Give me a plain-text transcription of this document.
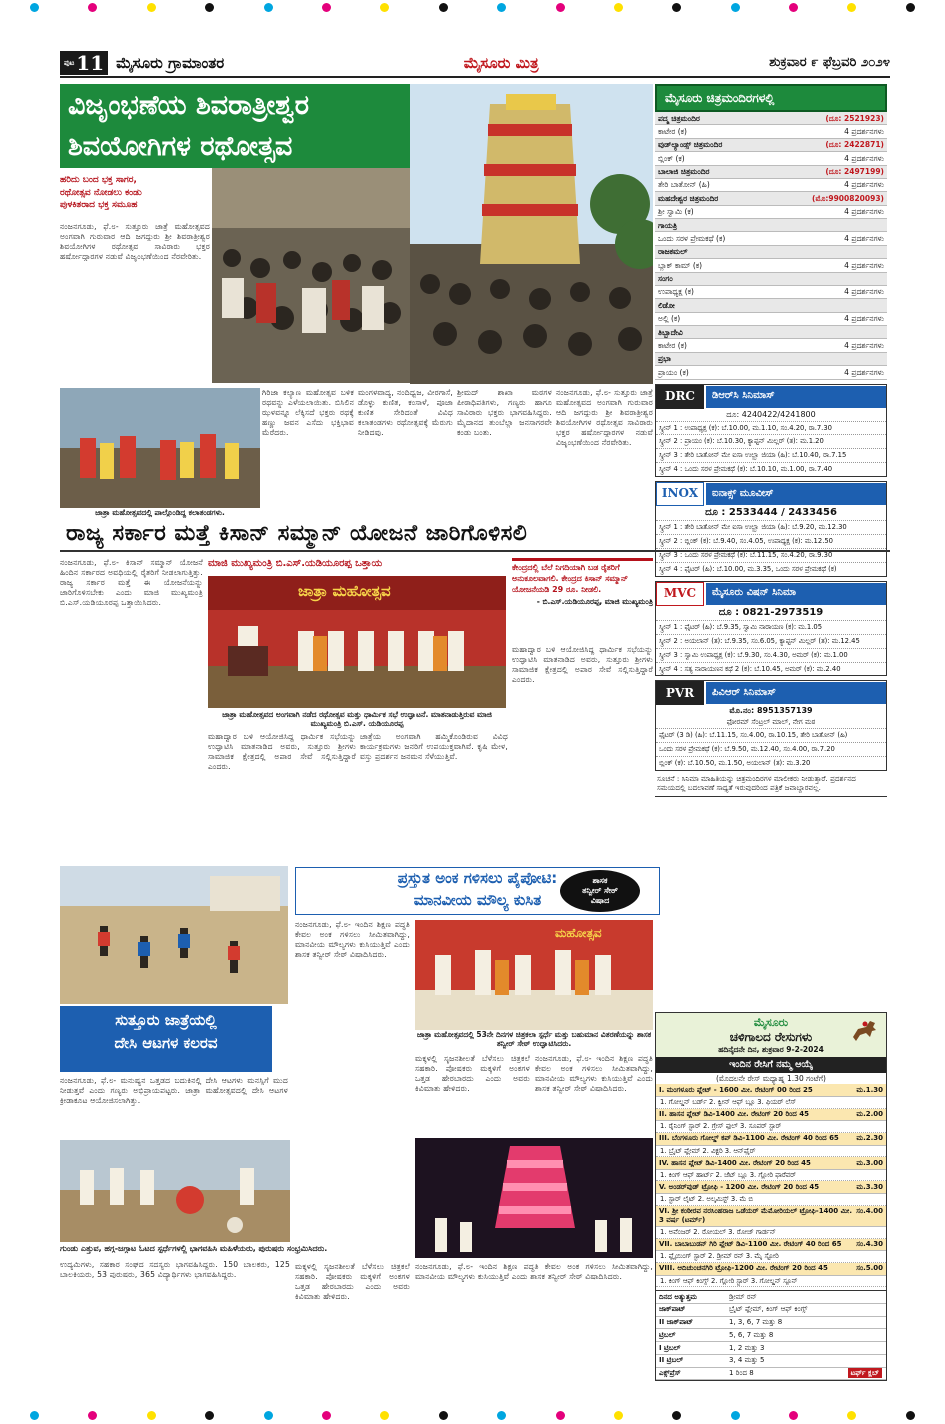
ಪುಟ 11 ಮೈಸೂರು ಗ್ರಾಮಾಂತರ	ಮೈಸೂರು ಮಿತ್ರ	ಶುಕ್ರವಾರ ೯ ಫೆಬ್ರವರಿ ೨೦೨೪
ವಿಜೃಂಭಣೆಯ ಶಿವರಾತ್ರೀಶ್ವರ
ಶಿವಯೋಗಿಗಳ ರಥೋತ್ಸವ
ಹರಿದು ಬಂದ ಭಕ್ತ ಸಾಗರ,
ರಥೋತ್ಸವ ನೋಡಲು ಕಂಡು
ಪುಳಕಿತರಾದ ಭಕ್ತ ಸಮೂಹ
ನಂಜನಗೂಡು, ಫೆ.೮- ಸುತ್ತೂರು ಜಾತ್ರೆ ಮಹೋತ್ಸವದ ಅಂಗವಾಗಿ ಗುರುವಾರ ಆದಿ ಜಗದ್ಗುರು ಶ್ರೀ ಶಿವರಾತ್ರೀಶ್ವರ ಶಿವಯೋಗಿಗಳ ರಥೋತ್ಸವ ಸಾವಿರಾರು ಭಕ್ತರ ಹರ್ಷೋದ್ಗಾರಗಳ ನಡುವೆ ವಿಜೃಂಭಣೆಯಿಂದ ನೆರವೇರಿತು.
ಜಾತ್ರಾ ಮಹೋತ್ಸವದಲ್ಲಿ ಪಾಲ್ಗೊಂಡಿದ್ದ ಕಲಾತಂಡಗಳು.
ಗಿರಿಜಾ ಕಲ್ಯಾಣ ಮಹೋತ್ಸವ ಬಳಿಕ ರಥವನ್ನು ಎಳೆಯಲಾಯಿತು. ಬಿಸಿಲಿನ ಝಳವನ್ನೂ ಲೆಕ್ಕಿಸದೆ ಭಕ್ತರು ರಥಕ್ಕೆ ಹಣ್ಣು ಜವನ ಎಸೆದು ಭಕ್ತಿಭಾವ ಮೆರೆದರು.
ಮಂಗಳವಾದ್ಯ, ನಂದಿಧ್ವಜ, ವೀರಗಾಸೆ, ಡೊಳ್ಳು ಕುಣಿತ, ಕಂಸಾಳೆ, ಪೂಜಾ ಕುಣಿತ ಸೇರಿದಂತೆ ವಿವಿಧ ಕಲಾತಂಡಗಳು ರಥೋತ್ಸವಕ್ಕೆ ಮೆರುಗು ನೀಡಿದವು.
ಶ್ರೀಮದ್ ಶಾಖಾ ಮಠಗಳ ಪೀಠಾಧಿಪತಿಗಳು, ಗಣ್ಯರು ಹಾಗೂ ಸಾವಿರಾರು ಭಕ್ತರು ಭಾಗವಹಿಸಿದ್ದರು. ಮೈದಾನದ ತುಂಬೆಲ್ಲಾ ಜನಸಾಗರವೇ ಕಂಡು ಬಂತು.
ನಂಜನಗೂಡು, ಫೆ.೮- ಸುತ್ತೂರು ಜಾತ್ರೆ ಮಹೋತ್ಸವದ ಅಂಗವಾಗಿ ಗುರುವಾರ ಆದಿ ಜಗದ್ಗುರು ಶ್ರೀ ಶಿವರಾತ್ರೀಶ್ವರ ಶಿವಯೋಗಿಗಳ ರಥೋತ್ಸವ ಸಾವಿರಾರು ಭಕ್ತರ ಹರ್ಷೋದ್ಗಾರಗಳ ನಡುವೆ ವಿಜೃಂಭಣೆಯಿಂದ ನೆರವೇರಿತು.
ರಾಜ್ಯ ಸರ್ಕಾರ ಮತ್ತೆ ಕಿಸಾನ್ ಸಮ್ಮಾನ್ ಯೋಜನೆ ಜಾರಿಗೊಳಿಸಲಿ
ನಂಜನಗೂಡು, ಫೆ.೮- ಕಿಸಾನ್ ಸಮ್ಮಾನ್ ಯೋಜನೆ ಹಿಂದಿನ ಸರ್ಕಾರದ ಅವಧಿಯಲ್ಲಿ ರೈತರಿಗೆ ನೀಡಲಾಗುತ್ತಿತ್ತು. ರಾಜ್ಯ ಸರ್ಕಾರ ಮತ್ತೆ ಈ ಯೋಜನೆಯನ್ನು ಜಾರಿಗೊಳಿಸಬೇಕು ಎಂದು ಮಾಜಿ ಮುಖ್ಯಮಂತ್ರಿ ಬಿ.ಎಸ್.ಯಡಿಯೂರಪ್ಪ ಒತ್ತಾಯಿಸಿದರು.
ಮಾಜಿ ಮುಖ್ಯಮಂತ್ರಿ ಬಿ.ಎಸ್.ಯಡಿಯೂರಪ್ಪ ಒತ್ತಾಯ
ಜಾತ್ರಾ ಮಹೋತ್ಸವ
ಜಾತ್ರಾ ಮಹೋತ್ಸವದ ಅಂಗವಾಗಿ ನಡೆದ ರಥೋತ್ಸವ ಮತ್ತು ಧಾರ್ಮಿಕ ಸಭೆ ಉದ್ಘಾಟನೆ. ಮಾತನಾಡುತ್ತಿರುವ ಮಾಜಿ ಮುಖ್ಯಮಂತ್ರಿ ಬಿ.ಎಸ್. ಯಡಿಯೂರಪ್ಪ
ಕೇಂದ್ರದಲ್ಲಿ ಬೆಲೆ ನಿಗದಿಯಾಗಿ ಬಡ ರೈತರಿಗೆ ಅನುಕೂಲವಾಗಲಿ. ಕೇಂದ್ರದ ಕಿಸಾನ್ ಸಮ್ಮಾನ್ ಯೋಜನೆಯಡಿ 29 ರೂ. ನೀಡಲಿ.
- ಬಿ.ಎಸ್.ಯಡಿಯೂರಪ್ಪ, ಮಾಜಿ ಮುಖ್ಯಮಂತ್ರಿ
ಮಹಾದ್ವಾರ ಬಳಿ ಆಯೋಜಿಸಿದ್ದ ಧಾರ್ಮಿಕ ಸಭೆಯನ್ನು ಉದ್ಘಾಟಿಸಿ ಮಾತನಾಡಿದ ಅವರು, ಸುತ್ತೂರು ಶ್ರೀಗಳು ಸಾಮಾಜಿಕ ಕ್ಷೇತ್ರದಲ್ಲಿ ಅಪಾರ ಸೇವೆ ಸಲ್ಲಿಸುತ್ತಿದ್ದಾರೆ ಎಂದರು.
ಜಾತ್ರೆಯ ಅಂಗವಾಗಿ ಹಮ್ಮಿಕೊಂಡಿರುವ ವಿವಿಧ ಕಾರ್ಯಕ್ರಮಗಳು ಜನರಿಗೆ ಉಪಯುಕ್ತವಾಗಿವೆ. ಕೃಷಿ ಮೇಳ, ವಸ್ತು ಪ್ರದರ್ಶನ ಜನಮನ ಸೆಳೆಯುತ್ತಿವೆ.
ಮಹಾದ್ವಾರ ಬಳಿ ಆಯೋಜಿಸಿದ್ದ ಧಾರ್ಮಿಕ ಸಭೆಯನ್ನು ಉದ್ಘಾಟಿಸಿ ಮಾತನಾಡಿದ ಅವರು, ಸುತ್ತೂರು ಶ್ರೀಗಳು ಸಾಮಾಜಿಕ ಕ್ಷೇತ್ರದಲ್ಲಿ ಅಪಾರ ಸೇವೆ ಸಲ್ಲಿಸುತ್ತಿದ್ದಾರೆ ಎಂದರು.
ಸುತ್ತೂರು ಜಾತ್ರೆಯಲ್ಲಿ
ದೇಸಿ ಆಟಗಳ ಕಲರವ
ನಂಜನಗೂಡು, ಫೆ.೮- ಮನುಷ್ಯನ ಒತ್ತಡದ ಬದುಕಿನಲ್ಲಿ ದೇಸಿ ಆಟಗಳು ಮನಸ್ಸಿಗೆ ಮುದ ನೀಡುತ್ತವೆ ಎಂದು ಗಣ್ಯರು ಅಭಿಪ್ರಾಯಪಟ್ಟರು. ಜಾತ್ರಾ ಮಹೋತ್ಸವದಲ್ಲಿ ದೇಸಿ ಆಟಗಳ ಕ್ರೀಡಾಕೂಟ ಆಯೋಜಿಸಲಾಗಿತ್ತು.
ಗುಂಡು ಎತ್ತುವ, ಹಗ್ಗ-ಜಗ್ಗಾಟ ಓಟದ ಸ್ಪರ್ಧೆಗಳಲ್ಲಿ ಭಾಗವಹಿಸಿ ಮಹಿಳೆಯರು, ಪುರುಷರು ಸಂಭ್ರಮಿಸಿದರು.
ಉದ್ಯಮಿಗಳು, ಸಹಕಾರ ಸಂಘದ ಸದಸ್ಯರು ಭಾಗವಹಿಸಿದ್ದರು. 150 ಬಾಲಕರು, 125 ಬಾಲಕಿಯರು, 53 ಪುರುಷರು, 365 ವಿದ್ಯಾರ್ಥಿಗಳು ಭಾಗವಹಿಸಿದ್ದರು.
ಪ್ರಸ್ತುತ ಅಂಕ ಗಳಿಸಲು ಪೈಪೋಟಿ:
ಮಾನವೀಯ ಮೌಲ್ಯ ಕುಸಿತ
ಶಾಸಕ
ತನ್ವೀರ್ ಸೇಠ್
ವಿಷಾದ
ನಂಜನಗೂಡು, ಫೆ.೮- ಇಂದಿನ ಶಿಕ್ಷಣ ಪದ್ಧತಿ ಕೇವಲ ಅಂಕ ಗಳಿಸಲು ಸೀಮಿತವಾಗಿದ್ದು, ಮಾನವೀಯ ಮೌಲ್ಯಗಳು ಕುಸಿಯುತ್ತಿವೆ ಎಂದು ಶಾಸಕ ತನ್ವೀರ್ ಸೇಠ್ ವಿಷಾದಿಸಿದರು.
ಮಹೋತ್ಸವ
ಜಾತ್ರಾ ಮಹೋತ್ಸವದಲ್ಲಿ 53ನೇ ದಿನಗಳ ಚಿತ್ರಕಲಾ ಸ್ಪರ್ಧೆ ಮತ್ತು ಬಹುಮಾನ ವಿತರಣೆಯನ್ನು ಶಾಸಕ ತನ್ವೀರ್ ಸೇಠ್ ಉದ್ಘಾಟಿಸಿದರು.
ಮಕ್ಕಳಲ್ಲಿ ಸೃಜನಶೀಲತೆ ಬೆಳೆಸಲು ಚಿತ್ರಕಲೆ ಸಹಕಾರಿ. ಪೋಷಕರು ಮಕ್ಕಳಿಗೆ ಅಂಕಗಳ ಒತ್ತಡ ಹೇರಬಾರದು ಎಂದು ಅವರು ಕಿವಿಮಾತು ಹೇಳಿದರು.
ನಂಜನಗೂಡು, ಫೆ.೮- ಇಂದಿನ ಶಿಕ್ಷಣ ಪದ್ಧತಿ ಕೇವಲ ಅಂಕ ಗಳಿಸಲು ಸೀಮಿತವಾಗಿದ್ದು, ಮಾನವೀಯ ಮೌಲ್ಯಗಳು ಕುಸಿಯುತ್ತಿವೆ ಎಂದು ಶಾಸಕ ತನ್ವೀರ್ ಸೇಠ್ ವಿಷಾದಿಸಿದರು.
ಮಕ್ಕಳಲ್ಲಿ ಸೃಜನಶೀಲತೆ ಬೆಳೆಸಲು ಚಿತ್ರಕಲೆ ಸಹಕಾರಿ. ಪೋಷಕರು ಮಕ್ಕಳಿಗೆ ಅಂಕಗಳ ಒತ್ತಡ ಹೇರಬಾರದು ಎಂದು ಅವರು ಕಿವಿಮಾತು ಹೇಳಿದರು.
ನಂಜನಗೂಡು, ಫೆ.೮- ಇಂದಿನ ಶಿಕ್ಷಣ ಪದ್ಧತಿ ಕೇವಲ ಅಂಕ ಗಳಿಸಲು ಸೀಮಿತವಾಗಿದ್ದು, ಮಾನವೀಯ ಮೌಲ್ಯಗಳು ಕುಸಿಯುತ್ತಿವೆ ಎಂದು ಶಾಸಕ ತನ್ವೀರ್ ಸೇಠ್ ವಿಷಾದಿಸಿದರು.
ಮೈಸೂರು ಚಿತ್ರಮಂದಿರಗಳಲ್ಲಿ
ಪದ್ಮ ಚಿತ್ರಮಂದಿರ	(ದೂ: 2521923)
ಕಾಟೇರ (ಕ)	4 ಪ್ರದರ್ಶನಗಳು
ವುಡ್‌ಲ್ಯಾಂಡ್ಸ್ ಚಿತ್ರಮಂದಿರ	(ದೂ: 2422871)
ಬ್ಲಿಂಕ್ (ಕ)	4 ಪ್ರದರ್ಶನಗಳು
ಬಾಲಾಜಿ ಚಿತ್ರಮಂದಿರ	(ದೂ: 2497199)
ತೇರಿ ಬಾತೋನ್ (ಹಿ)	4 ಪ್ರದರ್ಶನಗಳು
ಮಹದೇಶ್ವರ ಚಿತ್ರಮಂದಿರ	(ಮೊ:9900820093)
ಶ್ರೀ ಸ್ವಾಮಿ (ಕ)	4 ಪ್ರದರ್ಶನಗಳು
ಗಾಯತ್ರಿ
ಒಂದು ಸರಳ ಪ್ರೇಮಕಥೆ (ಕ)	4 ಪ್ರದರ್ಶನಗಳು
ರಾಜಕಮಲ್
ಬ್ಲಾಕ್ ಕಾಮ್ (ಕ)	4 ಪ್ರದರ್ಶನಗಳು
ಸಂಗಂ
ಉಪಾಧ್ಯಕ್ಷ (ಕ)	4 ಪ್ರದರ್ಶನಗಳು
ಲಿಡೋ
ಅಲ್ಲಿ (ಕ)	4 ಪ್ರದರ್ಶನಗಳು
ತಿಬ್ಬಾದೇವಿ
ಕಾಟೇರ (ಕ)	4 ಪ್ರದರ್ಶನಗಳು
ಪ್ರಭಾ
ಪ್ರಾಯಂ (ಕ)	4 ಪ್ರದರ್ಶನಗಳು
DRC	ಡಿಆರ್‌ಸಿ ಸಿನಿಮಾಸ್
ದೂ: 4240422/4241800
ಸ್ಕ್ರೀನ್ 1 : ಉಪಾಧ್ಯಕ್ಷ (ಕ): ಬೆ.10.00, ಮ.1.10, ಸಂ.4.20, ರಾ.7.30
ಸ್ಕ್ರೀನ್ 2 : ಪ್ರಾಯಂ (ಕ): ಬೆ.10.30, ಕ್ಯಾಪ್ಟನ್ ಮಿಲ್ಲರ್ (ತ): ಮ.1.20
ಸ್ಕ್ರೀನ್ 3 : ತೇರಿ ಬಾತೋನ್ ಮೇ ಐಸಾ ಉಲ್ಝಾ ಜಿಯಾ (ಹಿ): ಬೆ.10.40, ರಾ.7.15
ಸ್ಕ್ರೀನ್ 4 : ಒಂದು ಸರಳ ಪ್ರೇಮಕಥೆ (ಕ): ಬೆ.10.10, ಮ.1.00, ರಾ.7.40
INOX	ಐನಾಕ್ಸ್ ಮೂವೀಸ್
ದೂ : 2533444 / 2433456
ಸ್ಕ್ರೀನ್ 1 : ತೇರಿ ಬಾತೋನ್ ಮೇ ಐಸಾ ಉಲ್ಝಾ ಜಿಯಾ (ಹಿ): ಬೆ.9.20, ಮ.12.30
ಸ್ಕ್ರೀನ್ 2 : ಬ್ಲಿಂಕ್ (ಕ): ಬೆ.9.40, ಸಂ.4.05, ಉಪಾಧ್ಯಕ್ಷ (ಕ): ಮ.12.50
ಸ್ಕ್ರೀನ್ 3 : ಒಂದು ಸರಳ ಪ್ರೇಮಕಥೆ (ಕ): ಬೆ.11.15, ಸಂ.4.20, ರಾ.9.30
ಸ್ಕ್ರೀನ್ 4 : ಫೈಟರ್ (ಹಿ): ಬೆ.10.00, ಮ.3.35, ಒಂದು ಸರಳ ಪ್ರೇಮಕಥೆ (ಕ)
MVC	ಮೈಸೂರು ವಿಷನ್ ಸಿನಿಮಾ
ದೂ : 0821-2973519
ಸ್ಕ್ರೀನ್ 1 : ಫೈಟರ್ (ಹಿ): ಬೆ.9.35, ಸ್ವಾಮಿ ನಾರಾಯಣ (ಕ): ಮ.1.05
ಸ್ಕ್ರೀನ್ 2 : ಅಯಲಾನ್ (ತ): ಬೆ.9.35, ಸಂ.6.05, ಕ್ಯಾಪ್ಟನ್ ಮಿಲ್ಲರ್ (ತ): ಮ.12.45
ಸ್ಕ್ರೀನ್ 3 : ಸ್ವಾಮಿ ಉಪಾಧ್ಯಕ್ಷ (ಕ): ಬೆ.9.30, ಸಂ.4.30, ಅಮರ್ (ಕ): ಮ.1.00
ಸ್ಕ್ರೀನ್ 4 : ಸತ್ಯ ನಾರಾಯಣನ ಕಥೆ 2 (ಕ): ಬೆ.10.45, ಅಮರ್ (ಕ): ಮ.2.40
PVR	ಪಿವಿಆರ್ ಸಿನಿಮಾಸ್
ಮೊ.ನಂ: 8951357139
ಫೋರಮ್ ಸೆಂಟ್ರಲ್ ಮಾಲ್, ನೇಗ ಮಠ
ಫೈಟರ್ (3 ಡಿ) (ಹಿ): ಬೆ.11.15, ಸಂ.4.00, ರಾ.10.15, ತೇರಿ ಬಾತೋನ್ (ಹಿ)
ಒಂದು ಸರಳ ಪ್ರೇಮಕಥೆ (ಕ): ಬೆ.9.50, ಮ.12.40, ಸಂ.4.00, ರಾ.7.20
ಬ್ಲಿಂಕ್ (ಕ): ಬೆ.10.50, ಮ.1.50, ಅಯಲಾನ್ (ತ): ಮ.3.20
ಸೂಚನೆ : ಸಿನಿಮಾ ಮಾಹಿತಿಯನ್ನು ಚಿತ್ರಮಂದಿರಗಳ ಮಾಲೀಕರು ನೀಡುತ್ತಾರೆ. ಪ್ರದರ್ಶನದ ಸಮಯದಲ್ಲಿ ಬದಲಾವಣೆ ಸಾಧ್ಯತೆ ಇರುವುದರಿಂದ ಪತ್ರಿಕೆ ಜವಾಬ್ದಾರವಲ್ಲ.
ಮೈಸೂರು
ಚಳಿಗಾಲದ ರೇಸುಗಳು
ಹದಿನೈದನೇ ದಿನ, ಶುಕ್ರವಾರ 9-2-2024
ಇಂದಿನ ರೇಸಿಗೆ ನಮ್ಮ ಆಯ್ಕೆ
(ಮೊದಲನೇ ರೇಸ್ ಮಧ್ಯಾಹ್ನ 1.30 ಗಂಟೆಗೆ)
I. ಮಂಗಳೂರು ಪ್ಲೇಟ್ - 1600 ಮೀ. ರೇಟಿಂಗ್ 00 ರಿಂದ 25	ಮ.1.30
1. ಗೋಲ್ಡನ್ ಬರ್ಡ್ 2. ಕ್ವೀನ್ ಆಫ್ ಬ್ಲೂ 3. ಫಿಯರ್ ಲೆಸ್
II. ಹಾಸನ ಪ್ಲೇಟ್ ಡಿವಿ-1400 ಮೀ. ರೇಟಿಂಗ್ 20 ರಿಂದ 45	ಮ.2.00
1. ರೈನಿಂಗ್ ಸ್ಟಾರ್ 2. ಗ್ರೇಸ್ ಫುಲ್ 3. ಸೂಪರ್ ಸ್ಟಾರ್
III. ಬೆಂಗಳೂರು ಗೋಲ್ಡ್ ಕಪ್ ಡಿವಿ-1100 ಮೀ. ರೇಟಿಂಗ್ 40 ರಿಂದ 65	ಮ.2.30
1. ಬ್ರೈಟ್ ಫ್ಲೇಮ್ 2. ವಿಕ್ಟರಿ 3. ಆನ್‌ಫೈರ್
IV. ಹಾಸನ ಪ್ಲೇಟ್ ಡಿವಿ-1400 ಮೀ. ರೇಟಿಂಗ್ 20 ರಿಂದ 45	ಮ.3.00
1. ಕಿಂಗ್ ಆಫ್ ಹಾರ್ಟ್ 2. ಜೆಟ್ ಬ್ಲೂ 3. ಗ್ಲೋರಿ ಫಾರೆವರ್
V. ಅಂಡರ್‌ವುಡ್ ಟ್ರೋಫಿ - 1200 ಮೀ. ರೇಟಿಂಗ್ 20 ರಿಂದ 45	ಮ.3.30
1. ಸ್ಟಾರ್ ಲೈಟ್ 2. ಅಲ್ಕಮಿಸ್ಟ್ 3. ಮೆ ಬಿ
VI. ಶ್ರೀ ಕಂಠೀರವ ನರಸಿಂಹರಾಜ ಒಡೆಯರ್ ಮೆಮೋರಿಯಲ್ ಟ್ರೋಫಿ-1400 ಮೀ. 3 ವರ್ಷ (ಟರ್ಮ್)
ಸಂ.4.00
1. ಅವೆಂಜರ್ 2. ರೋಯಲ್ 3. ರೋಜ್ ಗಾರ್ಡನ್
VII. ಬಾಬಾಬುಡನ್ ಗಿರಿ ಪ್ಲೇಟ್ ಡಿವಿ-1100 ಮೀ. ರೇಟಿಂಗ್ 40 ರಿಂದ 65 ಸಂ.4.30
1. ಫ್ಲೈಯಿಂಗ್ ಸ್ಟಾರ್ 2. ಡ್ರೀಮ್ ರನ್ 3. ಮೈ ಸ್ಟೋರಿ
VIII. ಆದಿಚುಂಚನಗಿರಿ ಟ್ರೋಫಿ-1200 ಮೀ. ರೇಟಿಂಗ್ 20 ರಿಂದ 45	ಸಂ.5.00
1. ಕಿಂಗ್ ಆಫ್ ಕಿಂಗ್ಸ್ 2. ಗ್ಲೋರಿ ಸ್ಟಾರ್ 3. ಗೋಲ್ಡನ್ ಸ್ಪೂನ್
ದಿನದ ಅತ್ಯುತ್ತಮ	ಡ್ರೀಮ್ ರನ್
ಜಾಕ್‌ಪಾಟ್	ಬ್ರೈಟ್ ಫ್ಲೇಮ್, ಕಿಂಗ್ ಆಫ್ ಕಿಂಗ್ಸ್
II ಜಾಕ್‌ಪಾಟ್	1, 3, 6, 7 ಮತ್ತು 8
ಟ್ರಿಬಲ್	5, 6, 7 ಮತ್ತು 8
I ಟ್ರಿಬಲ್	1, 2 ಮತ್ತು 3
II ಟ್ರಿಬಲ್	3, 4 ಮತ್ತು 5
ಎಕ್ಸ್‌ಪ್ರೆಸ್	1 ರಿಂದ 8	ಟರ್ಫ್ ಕ್ಲಬ್
